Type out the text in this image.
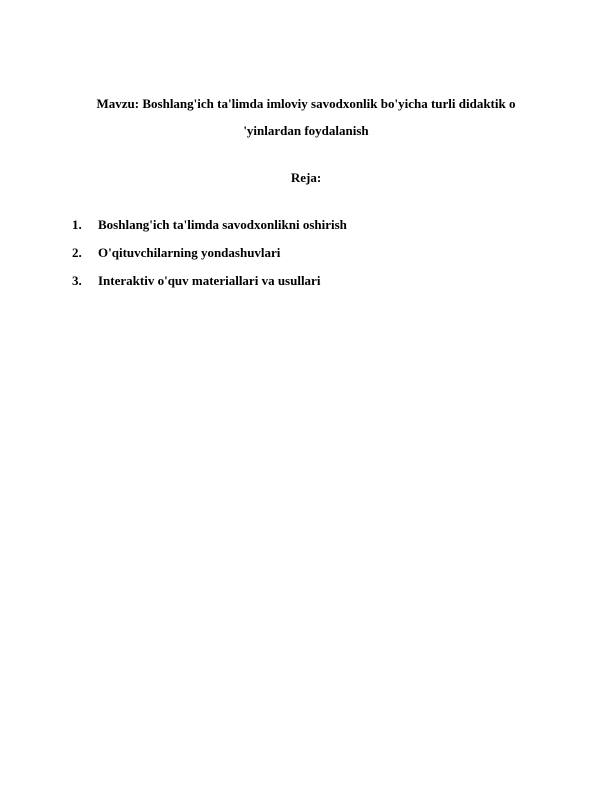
Mavzu: Boshlang'ich ta'limda imloviy savodxonlik bo'yicha turli didaktik o
'yinlardan foydalanish
Reja:
1.	Boshlang'ich ta'limda savodxonlikni oshirish
2.	O'qituvchilarning yondashuvlari
3.	Interaktiv o'quv materiallari va usullari
